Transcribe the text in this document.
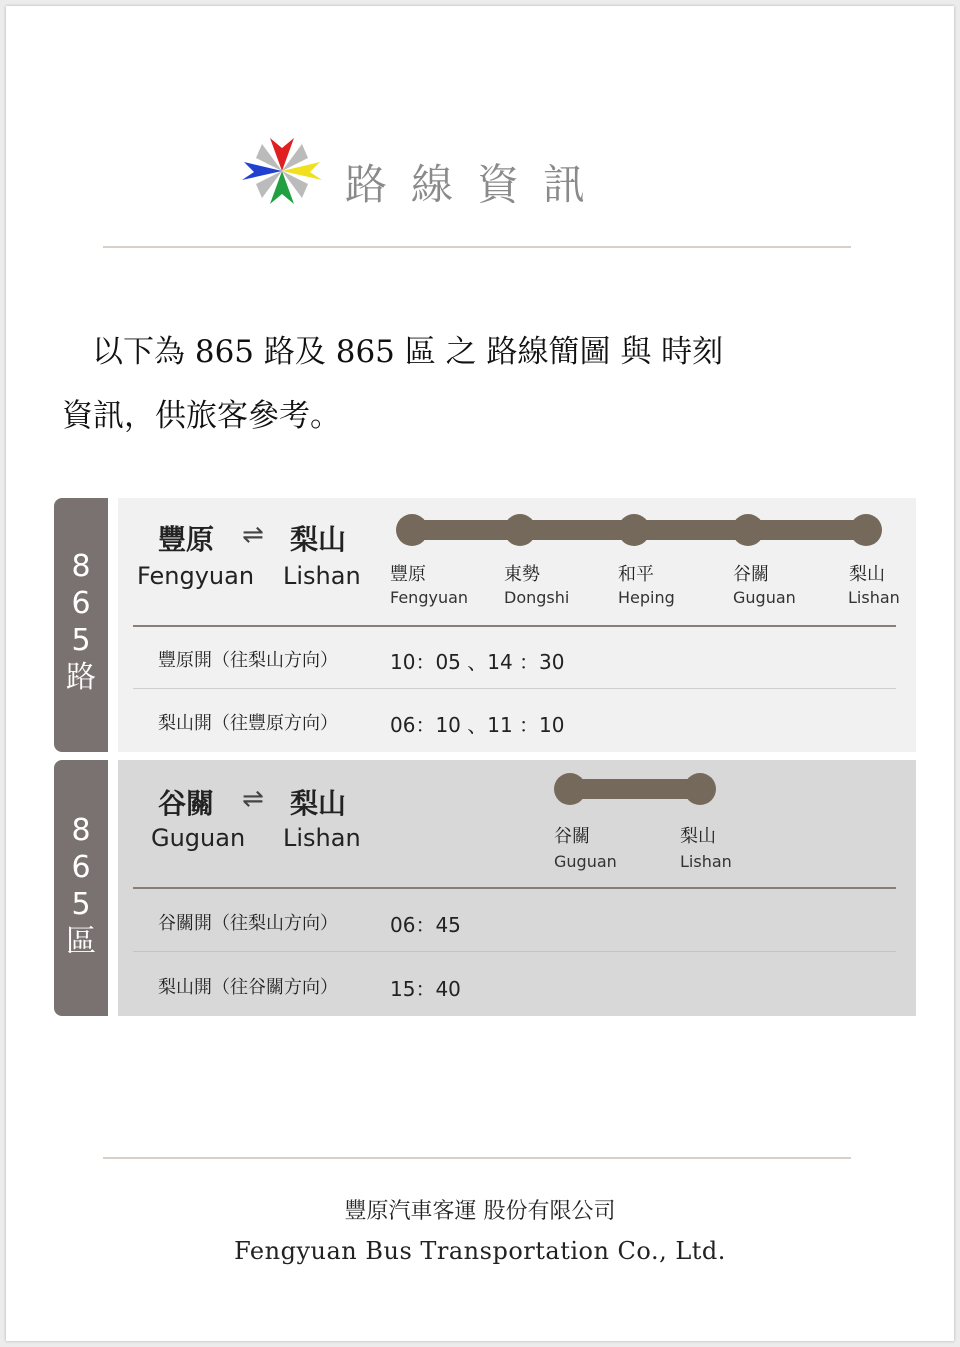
路線資訊
以下為 865 路及 865 區 之 路線簡圖 與 時刻
資訊，供旅客參考。
8
6
5
路
豐原 ⇌ 梨山
Fengyuan Lishan 豐原
Fengyuan
東勢
Dongshi
和平
Heping
谷關
Guguan
梨山
Lishan
豐原開（往梨山方向）	10：05 、14 ：30
梨山開（往豐原方向）	06：10 、11 ：10
8
6
5
區
谷關 ⇌ 梨山
Guguan Lishan	谷關
Guguan
梨山
Lishan
谷關開（往梨山方向）	06：45
梨山開（往谷關方向）	15：40
豐原汽車客運 股份有限公司
Fengyuan Bus Transportation Co., Ltd.
